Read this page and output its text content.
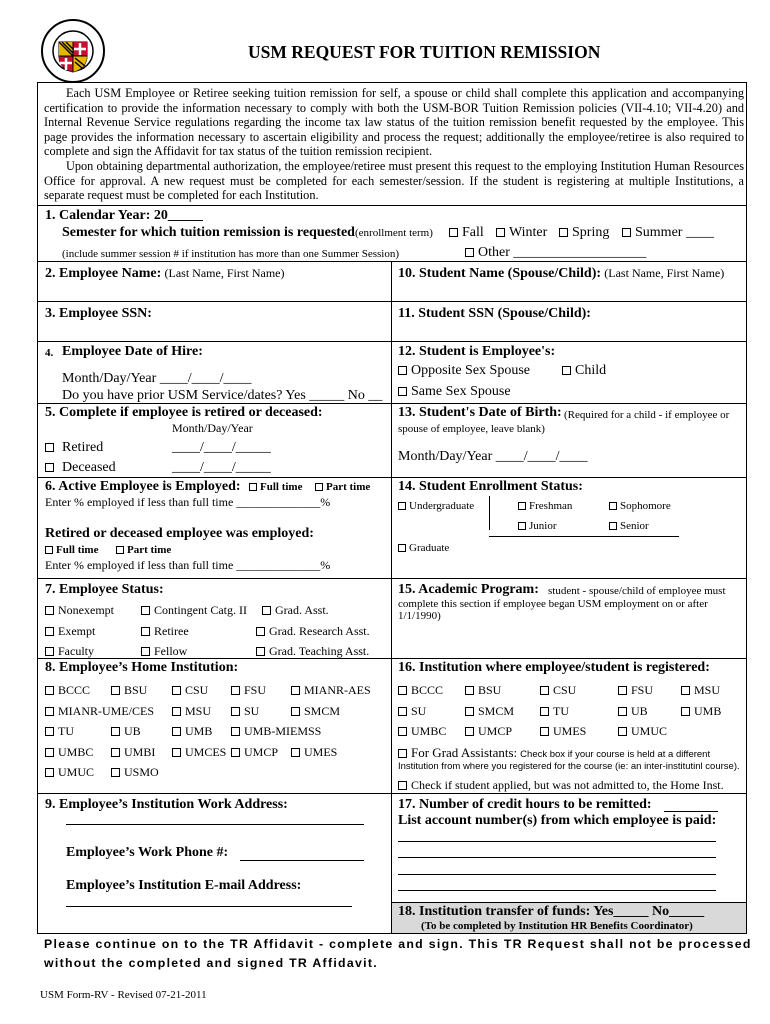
USM REQUEST FOR TUITION REMISSION

Each USM Employee or Retiree seeking tuition remission for self, a spouse or child shall complete this application and accompanying certification to provide the information necessary to comply with both the USM-BOR Tuition Remission policies (VII-4.10; VII-4.20) and Internal Revenue Service regulations regarding the income tax law status of the tuition remission benefit requested by the employee. This page provides the information necessary to ascertain eligibility and process the request; additionally the employee/retiree is also required to complete and sign the Affidavit for tax status of the tuition remission recipient.

Upon obtaining departmental authorization, the employee/retiree must present this request to the employing Institution Human Resources Office for approval. A new request must be completed for each semester/session. If the student is registering at multiple Institutions, a separate request must be completed for each Institution.

1. Calendar Year: 20_____
Semester for which tuition remission is requested (enrollment term)	Fall	Winter	Spring	Summer ____
(include summer session # if institution has more than one Summer Session)	Other ___________________
2. Employee Name: (Last Name, First Name)	10. Student Name (Spouse/Child): (Last Name, First Name)
3. Employee SSN:	11. Student SSN (Spouse/Child):
4. Employee Date of Hire:
Month/Day/Year ____/____/____
Do you have prior USM Service/dates? Yes _____ No __
12. Student is Employee's:
Opposite Sex Spouse	Child
Same Sex Spouse
5. Complete if employee is retired or deceased:
Month/Day/Year
Retired	____/____/_____
Deceased	____/____/_____
13. Student's Date of Birth: (Required for a child - if employee or spouse of employee, leave blank)
Month/Day/Year ____/____/____
6. Active Employee is Employed:	Full time	Part time
Enter % employed if less than full time ______________%
Retired or deceased employee was employed:
Full time	Part time
Enter % employed if less than full time ______________%
14. Student Enrollment Status:
Undergraduate	Freshman	Sophomore
Junior	Senior
Graduate
7. Employee Status:
Nonexempt	Contingent Catg. II	Grad. Asst.
Exempt	Retiree	Grad. Research Asst.
Faculty	Fellow	Grad. Teaching Asst.
15. Academic Program: student - spouse/child of employee must complete this section if employee began USM employment on or after 1/1/1990)
8. Employee’s Home Institution:	16. Institution where employee/student is registered:
For Grad Assistants: Check box if your course is held at a different
Institution from where you registered for the course (ie: an inter-institutinl course).
Check if student applied, but was not admitted to, the Home Inst.
9. Employee’s Institution Work Address:
Employee’s Work Phone #:
Employee’s Institution E-mail Address:
17. Number of credit hours to be remitted:
List account number(s) from which employee is paid:
18. Institution transfer of funds: Yes_____ No_____
(To be completed by Institution HR Benefits Coordinator)
Please continue on to the TR Affidavit - complete and sign. This TR Request shall not be processed
without the completed and signed TR Affidavit.
USM Form-RV - Revised 07-21-2011
BCCC	BSU	CSU	FSU	MIANR-AES
MIANR-UME/CES	MSU	SU	SMCM
TU	UB	UMB	UMB-MIEMSS
UMBC	UMBI	UMCES	UMCP	UMES
UMUC	USMO
BCCC	BSU	CSU	FSU	MSU
SU	SMCM	TU	UB	UMB
UMBC	UMCP	UMES	UMUC
